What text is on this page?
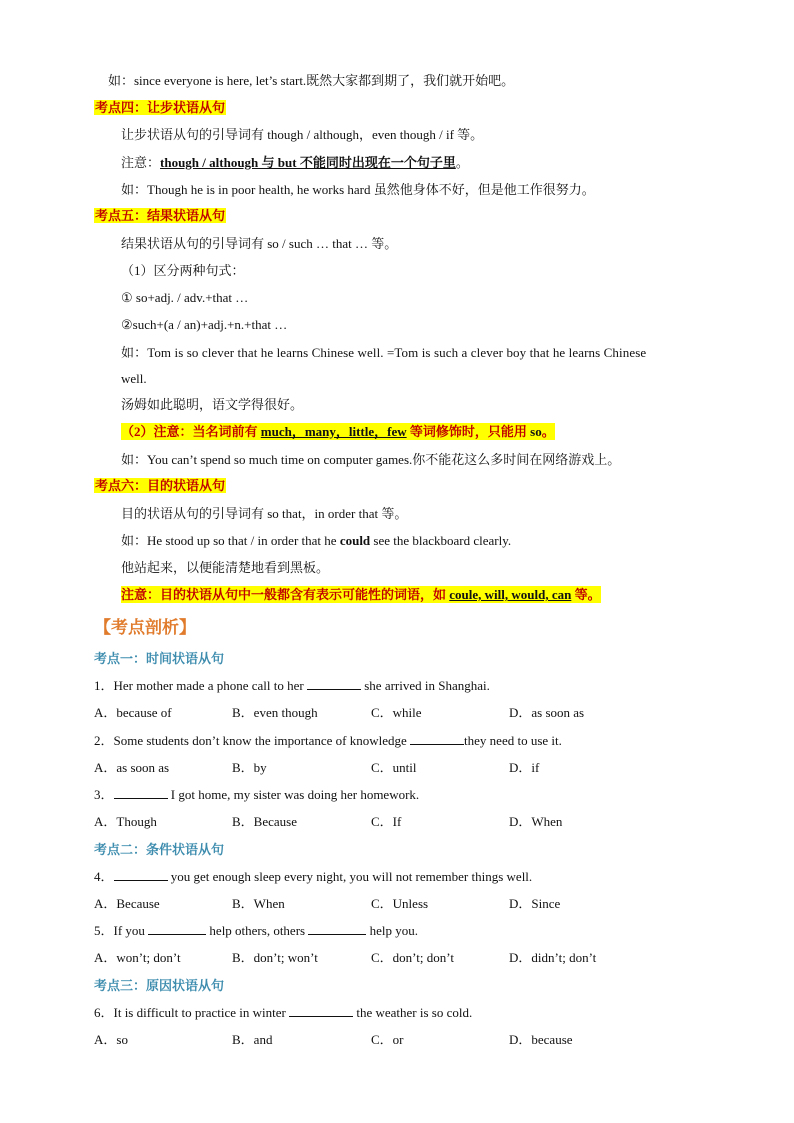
如：since everyone is here, let’s start.既然大家都到期了，我们就开始吧。
考点四：让步状语从句
让步状语从句的引导词有 though / although，even though / if 等。
注意：though / although 与 but 不能同时出现在一个句子里。
如：Though he is in poor health, he works hard 虽然他身体不好，但是他工作很努力。
考点五：结果状语从句
结果状语从句的引导词有 so / such … that … 等。
（1）区分两种句式：
① so+adj. / adv.+that …
②such+(a / an)+adj.+n.+that …
如：Tom is so clever that he learns Chinese well. =Tom is such a clever boy that he learns Chinese
well.
汤姆如此聪明，语文学得很好。
（2）注意：当名词前有 much，many，little，few 等词修饰时，只能用 so。
如：You can’t spend so much time on computer games.你不能花这么多时间在网络游戏上。
考点六：目的状语从句
目的状语从句的引导词有 so that，in order that 等。
如：He stood up so that / in order that he could see the blackboard clearly.
他站起来，以便能清楚地看到黑板。
注意：目的状语从句中一般都含有表示可能性的词语，如 coule, will, would, can 等。
【考点剖析】
考点一：时间状语从句
1．Her mother made a phone call to her	she arrived in Shanghai.
A．because of	B．even though	C．while	D．as soon as
2．Some students don’t know the importance of knowledge	they need to use it.
A．as soon as	B．by	C．until	D．if
3．	I got home, my sister was doing her homework.
A．Though	B．Because	C．If	D．When
考点二：条件状语从句
4．	you get enough sleep every night, you will not remember things well.
A．Because	B．When	C．Unless	D．Since
5．If you	help others, others	help you.
A．won’t; don’t	B．don’t; won’t	C．don’t; don’t	D．didn’t; don’t
考点三：原因状语从句
6．It is difficult to practice in winter	the weather is so cold.
A．so	B．and	C．or	D．because
